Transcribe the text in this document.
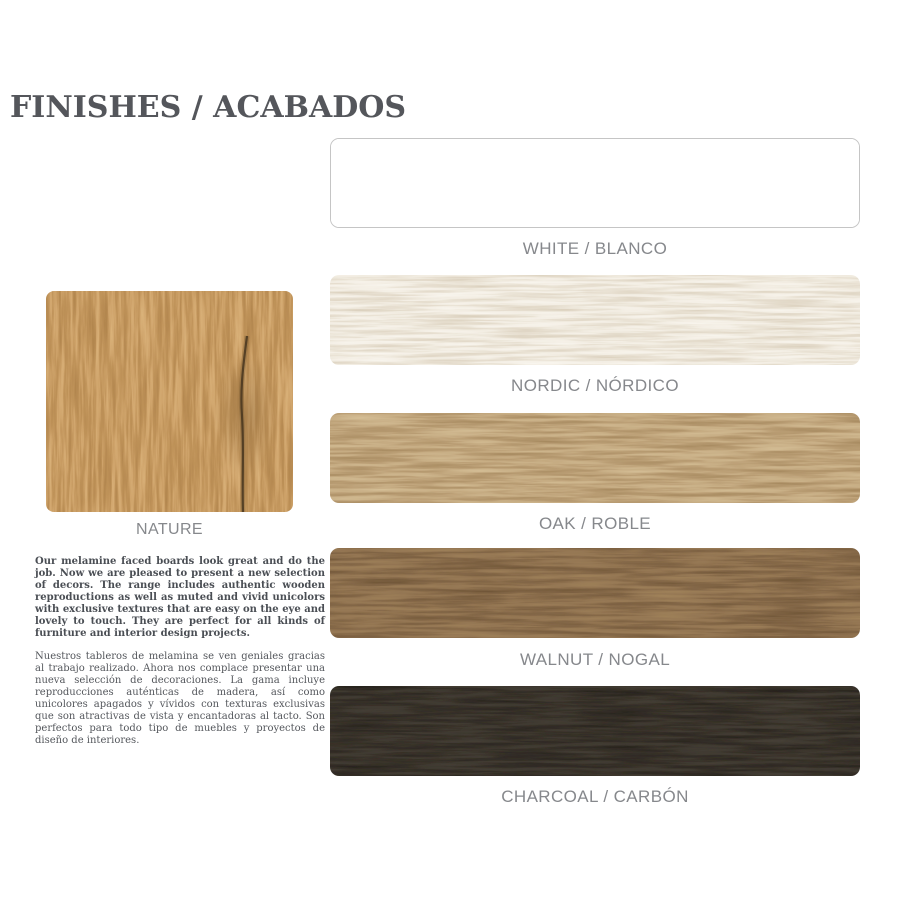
FINISHES / ACABADOS
NATURE

Our melamine faced boards look great and do the job. Now we are pleased to present a new selection of decors. The range includes authentic wooden reproductions as well as muted and vivid unicolors with exclusive textures that are easy on the eye and lovely to touch. They are perfect for all kinds of furniture and interior design projects.

Nuestros tableros de melamina se ven geniales gracias al trabajo realizado. Ahora nos complace presentar una nueva selección de decoraciones. La gama incluye reproducciones auténticas de madera, así como unicolores apagados y vívidos con texturas exclusivas que son atractivas de vista y encantadoras al tacto. Son perfectos para todo tipo de muebles y proyectos de diseño de interiores.

WHITE / BLANCO
NORDIC / NÓRDICO
OAK / ROBLE
WALNUT / NOGAL
CHARCOAL / CARBÓN
